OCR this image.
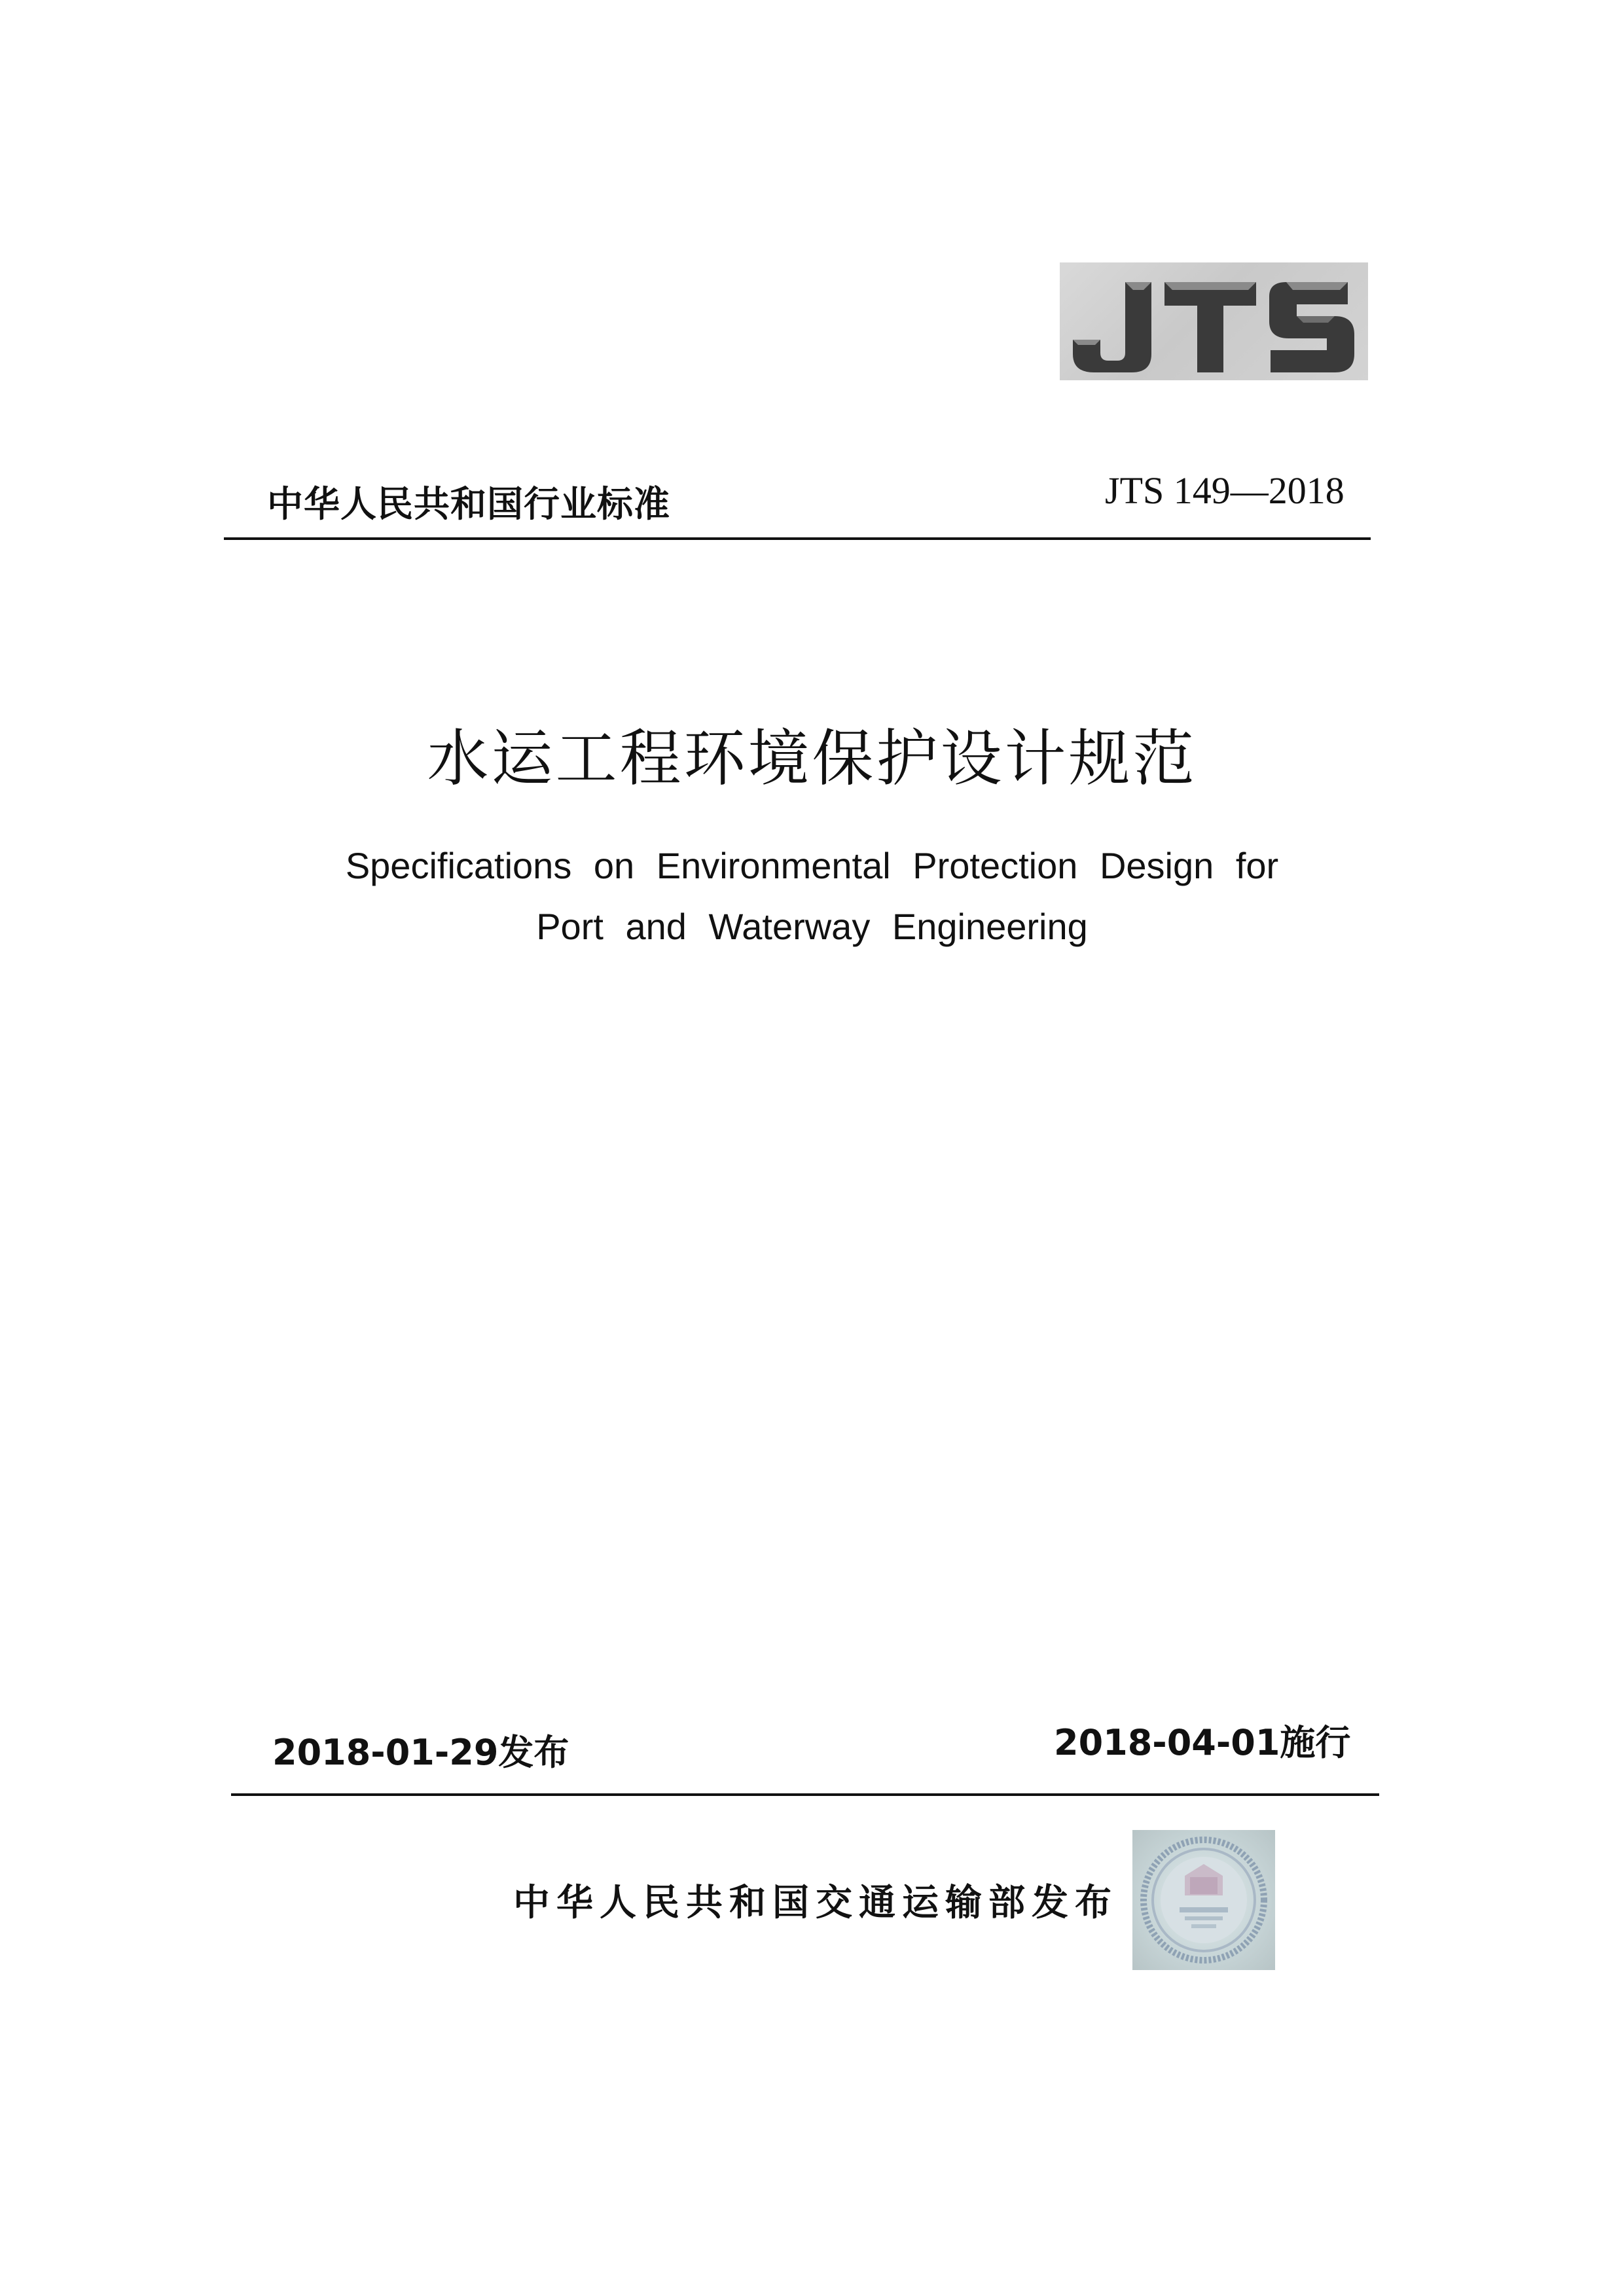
中华人民共和国行业标准	JTS 149—2018
水运工程环境保护设计规范
Specifications on Environmental Protection Design for
Port and Waterway Engineering
2018-01-29发布	2018-04-01施行
中华人民共和国交通运输部发布
